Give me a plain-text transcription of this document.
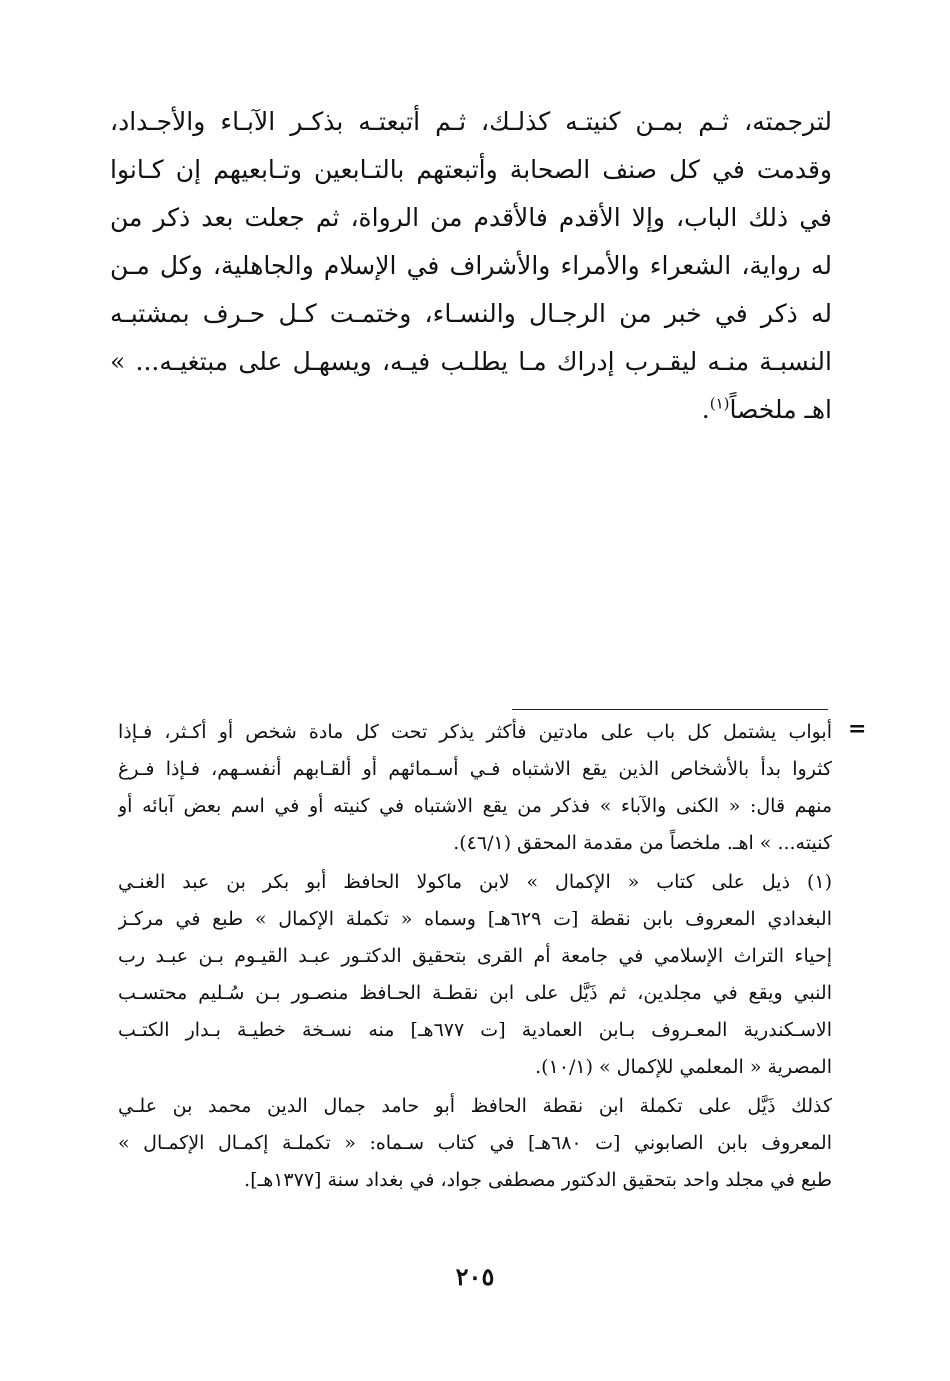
لترجمته، ثـم بمـن كنيتـه كذلـك، ثـم أتبعتـه بذكـر الآبـاء والأجـداد،
وقدمت في كل صنف الصحابة وأتبعتهم بالتـابعين وتـابعيهم إن كـانوا
في ذلك الباب، وإلا الأقدم فالأقدم من الرواة، ثم جعلت بعد ذكر من
له رواية، الشعراء والأمراء والأشراف في الإسلام والجاهلية، وكل مـن
له ذكر في خبر من الرجـال والنسـاء، وختمـت كـل حـرف بمشتبـه
النسبـة منـه ليقـرب إدراك مـا يطلـب فيـه، ويسهـل على مبتغيـه... »
اهـ ملخصاً$^{(١)}$.
=
أبواب يشتمل كل باب على مادتين فأكثر يذكر تحت كل مادة شخص أو أكـثر، فـإذا
كثروا بدأ بالأشخاص الذين يقع الاشتباه فـي أسـمائهم أو ألقـابهم أنفسـهم، فـإذا فـرغ
منهم قال: « الكنى والآباء » فذكر من يقع الاشتباه في كنيته أو في اسم بعض آبائه أو
كنيته... » اهـ. ملخصاً من مقدمة المحقق (٤٦/١).
(١) ذيل على كتاب « الإكمال » لابن ماكولا الحافظ أبو بكر بن عبد الغنـي
البغدادي المعروف بابن نقطة [ت ٦٢٩هـ] وسماه « تكملة الإكمال » طبع في مركـز
إحياء التراث الإسلامي في جامعة أم القرى بتحقيق الدكتـور عبـد القيـوم بـن عبـد رب
النبي ويقع في مجلدين، ثم ذَيَّل على ابن نقطـة الحـافظ منصـور بـن سُـليم محتسـب
الاسـكندرية المعـروف بـابن العمادية [ت ٦٧٧هـ] منه نسـخة خطيـة بـدار الكتـب
المصرية « المعلمي للإكمال » (١٠/١).
كذلك ذَيَّل على تكملة ابن نقطة الحافظ أبو حامد جمال الدين محمد بن علـي
المعروف بابن الصابوني [ت ٦٨٠هـ] في كتاب سـماه: « تكملـة إكمـال الإكمـال »
طبع في مجلد واحد بتحقيق الدكتور مصطفى جواد، في بغداد سنة [١٣٧٧هـ].
٢٠٥
